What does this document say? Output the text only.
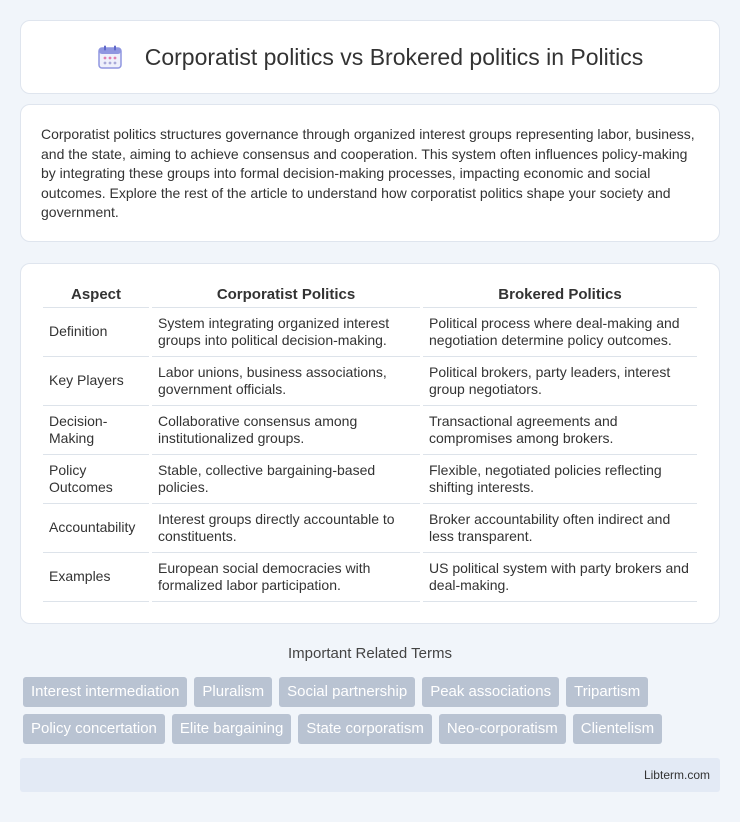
Corporatist politics vs Brokered politics in Politics

Corporatist politics structures governance through organized interest groups representing labor, business, and the state, aiming to achieve consensus and cooperation. This system often influences policy-making by integrating these groups into formal decision-making processes, impacting economic and social outcomes. Explore the rest of the article to understand how corporatist politics shape your society and government.

Aspect		Corporatist Politics		Brokered Politics
Definition		System integrating organized interest groups into political decision-making.		Political process where deal-making and negotiation determine policy outcomes.
Key Players		Labor unions, business associations, government officials.		Political brokers, party leaders, interest group negotiators.
Decision-Making		Collaborative consensus among institutionalized groups.		Transactional agreements and compromises among brokers.
Policy Outcomes		Stable, collective bargaining-based policies.		Flexible, negotiated policies reflecting shifting interests.
Accountability		Interest groups directly accountable to constituents.		Broker accountability often indirect and less transparent.
Examples		European social democracies with formalized labor participation.		US political system with party brokers and deal-making.
Important Related Terms
Interest intermediation	Pluralism	Social partnership	Peak associations	Tripartism
Policy concertation	Elite bargaining	State corporatism	Neo-corporatism	Clientelism
Libterm.com
